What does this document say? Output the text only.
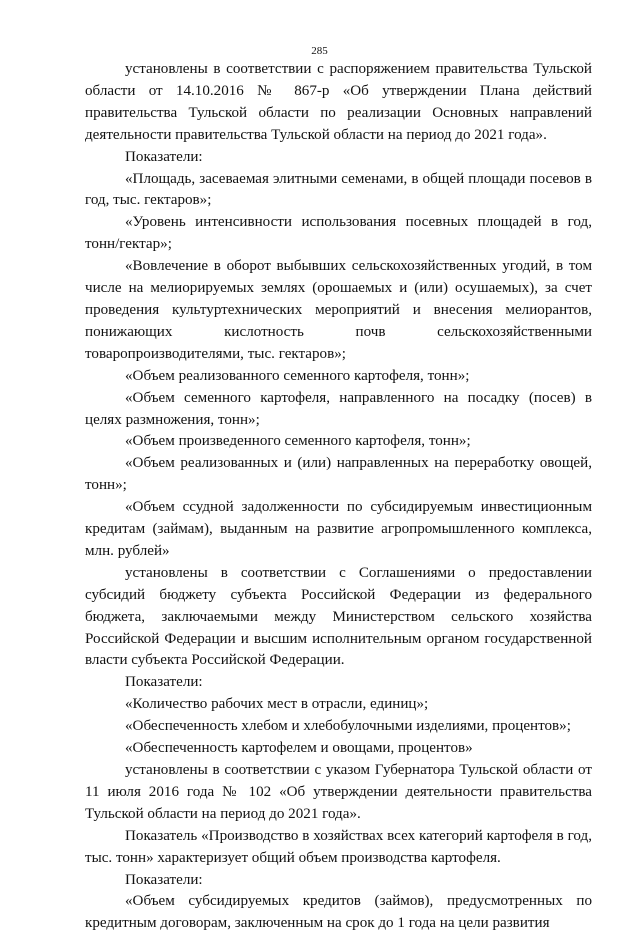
285

установлены в соответствии с распоряжением правительства Тульской области от 14.10.2016 № 867-р «Об утверждении Плана действий правительства Тульской области по реализации Основных направлений деятельности правительства Тульской области на период до 2021 года».

Показатели:

«Площадь, засеваемая элитными семенами, в общей площади посевов в год, тыс. гектаров»;

«Уровень интенсивности использования посевных площадей в год, тонн/гектар»;

«Вовлечение в оборот выбывших сельскохозяйственных угодий, в том числе на мелиорируемых землях (орошаемых и (или) осушаемых), за счет проведения культуртехнических мероприятий и внесения мелиорантов, понижающих кислотность почв сельскохозяйственными товаропроизводителями, тыс. гектаров»;

«Объем реализованного семенного картофеля, тонн»;

«Объем семенного картофеля, направленного на посадку (посев) в целях размножения, тонн»;

«Объем произведенного семенного картофеля, тонн»;

«Объем реализованных и (или) направленных на переработку овощей, тонн»;

«Объем ссудной задолженности по субсидируемым инвестиционным кредитам (займам), выданным на развитие агропромышленного комплекса, млн. рублей»

установлены в соответствии с Соглашениями о предоставлении субсидий бюджету субъекта Российской Федерации из федерального бюджета, заключаемыми между Министерством сельского хозяйства Российской Федерации и высшим исполнительным органом государственной власти субъекта Российской Федерации.

Показатели:

«Количество рабочих мест в отрасли, единиц»;

«Обеспеченность хлебом и хлебобулочными изделиями, процентов»;

«Обеспеченность картофелем и овощами, процентов»

установлены в соответствии с указом Губернатора Тульской области от 11 июля 2016 года № 102 «Об утверждении деятельности правительства Тульской области на период до 2021 года».

Показатель «Производство в хозяйствах всех категорий картофеля в год, тыс. тонн» характеризует общий объем производства картофеля.

Показатели:

«Объем субсидируемых кредитов (займов), предусмотренных по кредитным договорам, заключенным на срок до 1 года на цели развития
